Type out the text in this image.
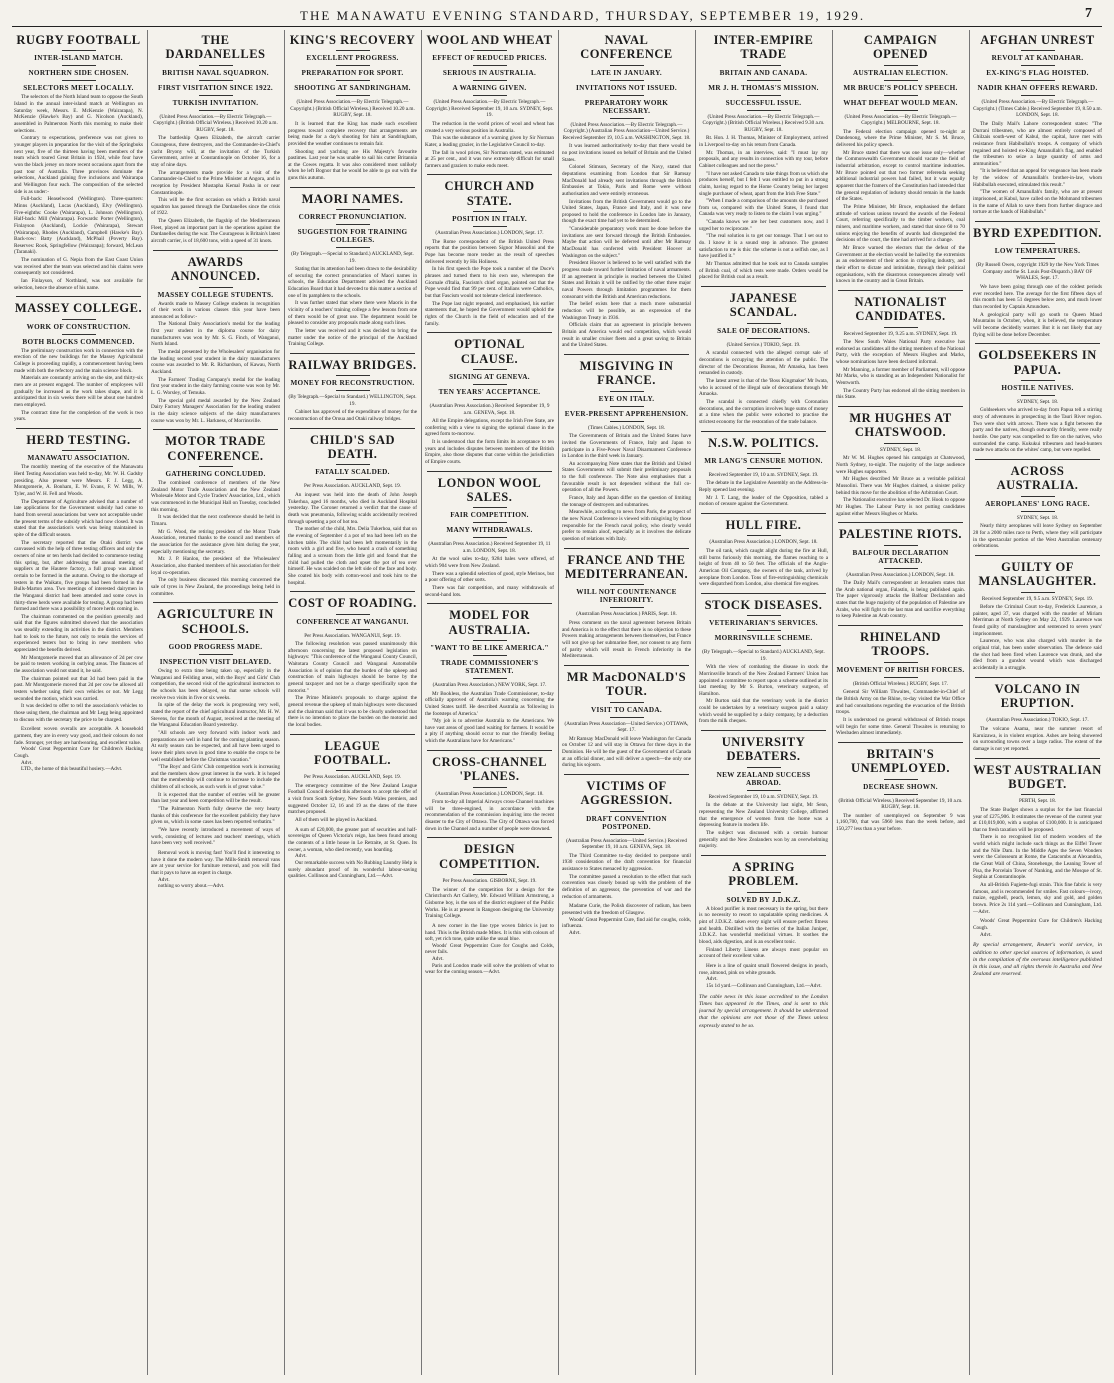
THE MANAWATU EVENING STANDARD, THURSDAY, SEPTEMBER 19, 1929.	7
RUGBY FOOTBALL
INTER-ISLAND MATCH.
NORTHERN SIDE CHOSEN.
SELECTORS MEET LOCALLY.

The selectors of the North Island team to oppose the South Island in the annual inter-island match at Wellington on Saturday week, Messrs. E. McKenzie (Wairarapa), N. McKenzie (Hawke's Bay) and G. Nicolson (Auckland), assembled in Palmerston North this morning to make their selections.

Contrary to expectations, preference was not given to younger players in preparation for the visit of the Springboks next year, five of the thirteen having been members of the team which toured Great Britain in 1924, while four have won the black jersey on more recent occasions apart from the past tour of Australia. Three provinces dominate the selections, Auckland gaining five inclusions and Wairarapa and Wellington four each. The composition of the selected side is as under:-

Full-back: Heaselwood (Wellington). Three-quarters: Minns (Auckland), Lucas (Auckland), Elvy (Wellington). Five-eighths: Cooke (Wairarapa), L. Johnson (Wellington). Half-back: Mill (Wairarapa). Forwards: Porter (Wellington), Finlayson (Auckland), Lockie (Wairarapa), Stewart (Wairarapa), Rhodes (Auckland), Campbell (Hawke's Bay). Back-row: Batty (Auckland), McPhail (Poverty Bay). Reserves: Rook, Springfellow (Wairarapa); forward, McLean (Taranaki).

The nomination of G. Nepia from the East Coast Union was received after the team was selected and his claims were consequently not considered.

Ian Finlayson, of Northland, was not available for selection, hence the absence of his name.

MASSEY COLLEGE.
WORK OF CONSTRUCTION.
BOTH BLOCKS COMMENCED.

The preliminary construction work in connection with the erection of the new buildings for the Massey Agricultural College is proceeding rapidly, a commencement having been made with both the refectory and the main science block.

Materials are constantly arriving on the site, and thirty-six men are at present engaged. The number of employees will gradually be increased as the work takes shape, and it is anticipated that in six weeks there will be about one hundred men employed.

The contract time for the completion of the work is two years.

HERD TESTING.
MANAWATU ASSOCIATION.

The monthly meeting of the executive of the Manawatu Herd Testing Association was held to-day, Mr. W. H. Gadsby presiding. Also present were Messrs. F. J. Legg, A. Montgomerie, A. Bonham, E. W. Evans, F. W. Mills, W. Tyler, and W. H. Fell and Woods.

The Department of Agriculture advised that a number of late applications for the Government subsidy had come to hand from several associations but were not acceptable under the present terms of the subsidy which had now closed. It was stated that the association's work was being maintained in spite of the difficult season.

The secretary reported that the Otaki district was canvassed with the help of three testing officers and only the owners of nine or ten herds had decided to commence testing this spring, but, after addressing the annual meeting of suppliers at the Hautere factory, a full group was almost certain to be formed in the autumn. Owing to the shortage of testers in the Waikato, five groups had been formed in the Bulls-Marton area. Two meetings of interested dairymen in the Wanganui district had been attended and some cows in thirty-three herds were available for testing. A group had been formed and there was a possibility of more herds coming in.

The chairman commented on the position generally and said that the figures submitted showed that the association was steadily extending its activities in the district. Members had to look to the future, not only to retain the services of experienced testers but to bring in new members who appreciated the benefits derived.

Mr Montgomerie moved that an allowance of 2d per cow be paid to testers working in outlying areas. The finances of the association would not stand it, he said.

The chairman pointed out that 3d had been paid in the past. Mr Montgomerie moved that 2d per cow be allowed all testers whether using their own vehicles or not. Mr Legg seconded the motion, which was carried.

It was decided to offer to tell the association's vehicles to those using them, the chairman and Mr Legg being appointed to discuss with the secretary the price to be charged.

Excellent woven overalls are acceptable. A household garment, they are in every way good, and their colours do not fade. Stronger, yet they are hardwearing, and excellent value.
Woods' Great Peppermint Cure for Children's Hacking Cough.
Advt.
LTD., the home of this beautiful hosiery.—Advt.
THE DARDANELLES
BRITISH NAVAL SQUADRON.
FIRST VISITATION SINCE 1922.
TURKISH INVITATION.
(United Press Association.—By Electric Telegraph.—Copyright.) (British Official Wireless.) Received 10.20 a.m. RUGBY, Sept. 18.

The battleship Queen Elizabeth, the aircraft carrier Courageous, three destroyers, and the Commander-in-Chief's yacht Bryony will, at the invitation of the Turkish Government, arrive at Constantinople on October 16, for a stay of nine days.

The arrangements made provide for a visit of the Commander-in-Chief to the Prime Minister at Angora, and in reception by President Mustapha Kemal Pasha in or near Constantinople.

This will be the first occasion on which a British naval squadron has passed through the Dardanelles since the crisis of 1922.

The Queen Elizabeth, the flagship of the Mediterranean Fleet, played an important part in the operations against the Dardanelles during the war. The Courageous is Britain's latest aircraft carrier, is of 18,600 tons, with a speed of 31 knots.

AWARDS ANNOUNCED.
MASSEY COLLEGE STUDENTS.

Awards made to Massey College students in recognition of their work in various classes this year have been announced as follow:-

The National Dairy Association's medal for the leading first year student in the diploma course for dairy manufacturers was won by Mr. S. G. Finch, of Wanganui, North Island.

The medal presented by the Wholesalers' organisation for the leading second year student in the dairy manufacturers course was awarded to Mr. R. Richardson, of Kawau, North Auckland.

The Farmers' Trading Company's medal for the leading first year student in the dairy farming course was won by Mr. L. G. Worsley, of Temuka.

The special gold medal awarded by the New Zealand Dairy Factory Managers' Association for the leading student in the dairy science subjects of the dairy manufacturers course was won by Mr. L. Harkness, of Morrinsville.

MOTOR TRADE CONFERENCE.
GATHERING CONCLUDED.

The combined conference of members of the New Zealand Motor Trade Association and the New Zealand Wholesale Motor and Cycle Traders' Association, Ltd., which was commenced in the Municipal Hall on Tuesday, concluded this morning.

It was decided that the next conference should be held in Timaru.

Mr G. Wood, the retiring president of the Motor Trade Association, returned thanks to the council and members of the association for the assistance given him during the year, especially mentioning the secretary.

Mr. J. P. Hanlon, the president of the Wholesalers' Association, also thanked members of his association for their loyal co-operation.

The only business discussed this morning concerned the sale of tyres in New Zealand, the proceedings being held in committee.

AGRICULTURE IN SCHOOLS.
GOOD PROGRESS MADE.
INSPECTION VISIT DELAYED.

Owing to extra time being taken up, especially in the Wanganui and Feilding areas, with the Boys' and Girls' Club competition, the second visit of the agricultural instructors to the schools has been delayed, so that some schools will receive two visits in five or six weeks.

In spite of the delay the work is progressing very well, stated the report of the chief agricultural instructor, Mr. H. W. Stevens, for the month of August, received at the meeting of the Wanganui Education Board yesterday.

"All schools are very forward with indoor work and preparations are well in hand for the coming planting season. At early season can be expected, and all have been urged to leave their plots sown in good time to enable the crops to be well established before the Christmas vacation."

"The Boys' and Girls' Club competition work is increasing and the members show great interest in the work. It is hoped that the membership will continue to increase to include the children of all schools, as such work is of great value."

It is expected that the number of entries will be greater than last year and keen competition will be the result.

"The Palmerston North fully deserve the very hearty thanks of this conference for the excellent publicity they have given us, which in some cases has been reported verbatim."

"We have recently introduced a movement of ways of work, consisting of lectures and teachers' meetings, which have been very well received."

Removal work is moving fast! You'll find it interesting to have it done the modern way. The Mills-Smith removal vans are at your service for furniture removal, and you will find that it pays to have an expert in charge.
Advt.
nothing so worry about.—Advt.
KING'S RECOVERY
EXCELLENT PROGRESS.
PREPARATION FOR SPORT.
SHOOTING AT SANDRINGHAM.
(United Press Association.—By Electric Telegraph.—Copyright.) (British Official Wireless.) Received 10.20 a.m. RUGBY, Sept. 18.

It is learned that the King has made such excellent progress toward complete recovery that arrangements are being made for a day's shooting for him at Sandringham, provided the weather continues to remain fair.

Shooting and yachting are His Majesty's favourite pastimes. Last year he was unable to sail his cutter Britannia at the Cowes regatta. It was also considered most unlikely when he left Bognor that he would be able to go out with the guns this autumn.

MAORI NAMES.
CORRECT PRONUNCIATION.
SUGGESTION FOR TRAINING COLLEGES.
(By Telegraph.—Special to Standard.) AUCKLAND, Sept. 19.

Stating that its attention had been drawn to the desirability of securing the correct pronunciation of Maori names in schools, the Education Department advised the Auckland Education Board that it had devoted to this matter a section of one of its pamphlets to the schools.

It was further stated that where there were Maoris in the vicinity of a teachers' training college a few lessons from one of them would be of great use. The department would be pleased to consider any proposals made along such lines.

The letter was received and it was decided to bring the matter under the notice of the principal of the Auckland Training College.

RAILWAY BRIDGES.
MONEY FOR RECONSTRUCTION.
(By Telegraph.—Special to Standard.) WELLINGTON, Sept. 19.

Cabinet has approved of the expenditure of money for the reconstruction of the Oroua and Otaki railway bridges.

CHILD'S SAD DEATH.
FATALLY SCALDED.
Per Press Association. AUCKLAND, Sept. 19.

An inquest was held into the death of John Joseph Tukerhoa, aged 16 months, who died in Auckland Hospital yesterday. The Coroner returned a verdict that the cause of death was pneumonia, following scalds accidentally received through upsetting a pot of hot tea.

The mother of the child, Mrs. Delia Tukerhoa, said that on the evening of September 4 a pot of tea had been left on the kitchen table. The child had been left momentarily in the room with a girl and five, who heard a crash of something falling and a scream from the little girl and found that the child had pulled the cloth and upset the pot of tea over himself. He was scalded on the left side of the face and body. She coated his body with cotton-wool and took him to the hospital.

COST OF ROADING.
CONFERENCE AT WANGANUI.
Per Press Association. WANGANUI, Sept. 19.

The following resolution was passed unanimously this afternoon concerning the latest proposed legislation on highways: "This conference of the Wanganui County Council, Waitotara County Council and Wanganui Automobile Association is of opinion that the burden of the upkeep and construction of main highways should be borne by the general taxpayer and not be a charge specifically upon the motorist."

The Prime Minister's proposals to charge against the general revenue the upkeep of main highways were discussed and the chairman said that it was to be clearly understood that there is no intention to place the burden on the motorist and the local bodies.

LEAGUE FOOTBALL.
Per Press Association. AUCKLAND, Sept. 19.

The emergency committee of the New Zealand League Football Council decided this afternoon to accept the offer of a visit from South Sydney, New South Wales premiers, and suggested October 12, 16 and 19 as the dates of the three matches proposed.

All of them will be played in Auckland.

A sum of £20,000, the greater part of securities and half-sovereigns of Queen Victoria's reign, has been found among the contents of a little house in Le Retraite, at St. Quen. Its owner, a woman, who died recently, was hoarding.
Advt.
Our remarkable success with No Rubbing Laundry Help is surely abundant proof of its wonderful labour-saving qualities. Collinson and Cunningham, Ltd.—Advt.
WOOL AND WHEAT
EFFECT OF REDUCED PRICES.
SERIOUS IN AUSTRALIA.
A WARNING GIVEN.
(United Press Association.—By Electric Telegraph.—Copyright.) Received September 19, 10 a.m. SYDNEY, Sept. 19.

The reduction in the world prices of wool and wheat has created a very serious position in Australia.

This was the substance of a warning given by Sir Norman Kater, a leading grazier, in the Legislative Council to-day.

The fall in wool prices, Sir Norman stated, was estimated at 25 per cent., and it was now extremely difficult for small farmers and graziers to make ends meet.

CHURCH AND STATE.
POSITION IN ITALY.
(Australian Press Association.) LONDON, Sept. 17.

The Rome correspondent of the British United Press reports that the position between Signor Mussolini and the Pope has become more tender as the result of speeches delivered recently by His Holiness.

In his first speech the Pope took a number of the Duce's phrases and turned them to his own use, whereupon the Giornale d'Italia, Fascism's chief organ, pointed out that the Pope would find that 99 per cent. of Italians were Catholics, but that Fascism would not tolerate clerical interference.

The Pope last night repeated, and emphasised, his earlier statements that, he hoped the Government would uphold the rights of the Church in the field of education and of the family.

OPTIONAL CLAUSE.
SIGNING AT GENEVA.
TEN YEARS' ACCEPTANCE.
(Australian Press Association.) Received September 19, 9 a.m. GENEVA, Sept. 18.

All the Empire delegations, except the Irish Free State, are conferring with a view to signing the optional clause in the agreed form to-morrow.

It is understood that the form limits its acceptance to ten years and includes disputes between members of the British Empire, also those disputes that come within the jurisdiction of Empire courts.

LONDON WOOL SALES.
FAIR COMPETITION.
MANY WITHDRAWALS.
(Australian Press Association.) Received September 19, 11 a.m. LONDON, Sept. 18.

At the wool sales to-day, 9284 bales were offered, of which 904 were from New Zealand.

There was a splendid selection of good, style Merinos, but a poor offering of other sorts.

There was fair competition, and many withdrawals of second-hand lots.

MODEL FOR AUSTRALIA.
"WANT TO BE LIKE AMERICA."
TRADE COMMISSIONER'S STATEMENT.
(Australian Press Association.) NEW YORK, Sept. 17.

Mr Bookless, the Australian Trade Commissioner, to-day officially approved of Australia's warning concerning the United States tariff. He described Australia as 'following in the footsteps of America.'

"My job is to advertise Australia to the Americans. We have vast areas of good land waiting for farmers. It would be a pity if anything should occur to mar the friendly feeling which the Australians have for Americans."

CROSS-CHANNEL 'PLANES.
(Australian Press Association.) LONDON, Sept. 18.

From to-day all Imperial Airways cross-Channel machines will be three-engined, in accordance with the recommendation of the commission inquiring into the recent disaster to the City of Ottawa. The City of Ottawa was forced down in the Channel and a number of people were drowned.

DESIGN COMPETITION.
Per Press Association. GISBORNE, Sept. 19.

The winner of the competition for a design for the Christchurch Art Gallery, Mr. Edward William Armstrong, a Gisborne boy, is the son of the district engineer of the Public Works. He is at present in Rangoon designing the University Training College.

A new corner in the line type woven fabrics is just to hand. This is the British made Mitex. It is thin with colours of soft, yet rich tone, quite unlike the usual blue.
Woods' Great Peppermint Cure for Coughs and Colds, never fails.
Advt.
Paris and London made will solve the problem of what to wear for the coming season.—Advt.
NAVAL CONFERENCE
LATE IN JANUARY.
INVITATIONS NOT ISSUED.
PREPARATORY WORK NECESSARY.
(United Press Association.—By Electric Telegraph.—Copyright.) (Australian Press Association—United Service.) Received September 19, 10.5 a.m. WASHINGTON, Sept. 18.

It was learned authoritatively to-day that there would be no post invitations issued on behalf of Britain and the United States.

Colonel Stimson, Secretary of the Navy, stated that deputations examining from London that Sir Ramsay MacDonald had already sent invitations through the British Embassies at Tokio, Paris and Rome were without authorisation and were entirely erroneous.

Invitations from the British Government would go to the United States, Japan, France and Italy, and it was now proposed to hold the conference in London late in January, though the exact time had yet to be determined.

"Considerable preparatory work must be done before the invitations are sent forward through the British Embassies. Maybe that action will be deferred until after Mr Ramsay MacDonald has conferred with President Hoover at Washington on the subject."

President Hoover is believed to be well satisfied with the progress made toward further limitation of naval armaments. If an agreement in principle is reached between the United States and Britain it will be ratified by the other three major naval Powers through limitation programmes for them consonant with the British and American reductions.

The belief exists here that a much more substantial reduction will be possible, as an expression of the Washington Treaty in 1936.

Officials claim that an agreement in principle between Britain and America would end competition, which would result in smaller cruiser fleets and a great saving to Britain and the United States.

MISGIVING IN FRANCE.
EYE ON ITALY.
EVER-PRESENT APPREHENSION.
(Times Cables.) LONDON, Sept. 18.

The Governments of Britain and the United States have invited the Governments of France, Italy and Japan to participate in a Five-Power Naval Disarmament Conference in London in the third week in January.

An accompanying Note states that the British and United States Governments will submit their preliminary proposals to the full conference. The Note also emphasises that a favourable result is not dependent without the full co-operation of all the Powers.

France, Italy and Japan differ on the question of limiting the tonnage of destroyers and submarines.

Meanwhile, according to news from Paris, the prospect of the new Naval Conference is viewed with misgiving by those responsible for the French naval policy, who clearly would prefer to remain aloof, especially as it involves the delicate question of relations with Italy.

FRANCE AND THE MEDITERRANEAN.
WILL NOT COUNTENANCE INFERIORITY.
(Australian Press Association.) PARIS, Sept. 18.

Press comment on the naval agreement between Britain and America is to the effect that there is no objection to these Powers making arrangements between themselves, but France will not give up her submarine fleet, nor consent to any form of parity which will result in French inferiority in the Mediterranean.

MR MacDONALD'S TOUR.
VISIT TO CANADA.
(Australian Press Association—United Service.) OTTAWA, Sept. 17.

Mr Ramsay MacDonald will leave Washington for Canada on October 12 and will stay in Ottawa for three days in the Dominion. He will be the guest of the Government of Canada at an official dinner, and will deliver a speech—the only one during his sojourn.

VICTIMS OF AGGRESSION.
DRAFT CONVENTION POSTPONED.
(Australian Press Association—United Service.) Received September 19, 10 a.m. GENEVA, Sept. 18.

The Third Committee to-day decided to postpone until 1930 consideration of the draft convention for financial assistance to States menaced by aggression.

The committee passed a resolution to the effect that such convention was closely bound up with the problem of the definition of an aggressor, the prevention of war and the reduction of armaments.

Madame Curie, the Polish discoverer of radium, has been presented with the freedom of Glasgow.
Woods' Great Peppermint Cure, find aid for coughs, colds, influenza.
Advt.
INTER-EMPIRE TRADE
BRITAIN AND CANADA.
MR J. H. THOMAS'S MISSION.
SUCCESSFUL ISSUE.
(United Press Association.—By Electric Telegraph.—Copyright.) (British Official Wireless.) Received 9.30 a.m. RUGBY, Sept. 18.

Rt. Hon. J. H. Thomas, Minister of Employment, arrived in Liverpool to-day on his return from Canada.

Mr. Thomas, in an interview, said: "I must lay my proposals, and any results in connection with my tour, before Cabinet colleagues and not the press."

"I have not asked Canada to take things from us which she produces herself, but I felt I was entitled to put in a strong claim, having regard to the Home Country being her largest single purchaser of wheat, apart from the Irish Free State."

"When I made a comparison of the amounts she purchased from us, compared with the United States, I found that Canada was very ready to listen to the claim I was urging."

"Canada knows we are her best customers now, and I urged her to reciprocate."

"The real solution is to get our tonnage. That I set out to do. I know it is a sound step in advance. The greatest satisfaction to me is this: the scheme is not a selfish one, as I have justified it."

Mr Thomas admitted that he took out to Canada samples of British coal, of which tests were made. Orders would be placed for British coal as a result.

JAPANESE SCANDAL.
SALE OF DECORATIONS.
(United Service.) TOKIO, Sept. 19.

A scandal connected with the alleged corrupt sale of decorations is occupying the attention of the public. The director of the Decorations Bureau, Mr Amaoka, has been remanded in custody.

The latest arrest is that of the 'Boss Kingmaker' Mr Iwata, who is accused of the illegal sale of decorations through Mr Amaoka.

The scandal is connected chiefly with Coronation decorations, and the corruption involves huge sums of money at a time when the public were exhorted to practise the strictest economy for the restoration of the trade balance.

N.S.W. POLITICS.
MR LANG'S CENSURE MOTION.
Received September 19, 10 a.m. SYDNEY, Sept. 19.

The debate in the Legislative Assembly on the Address-in-Reply opened last evening.

Mr J. T. Lang, the leader of the Opposition, tabled a motion of censure against the Government.

HULL FIRE.
(Australian Press Association.) LONDON, Sept. 18.

The oil tank, which caught alight during the fire at Hull, still burns furiously this morning, the flames reaching to a height of from 40 to 50 feet. The officials of the Anglo-American Oil Company, the owners of the tank, arrived by aeroplane from London. Tons of fire-extinguishing chemicals were dispatched from London, also chemical fire engines.

STOCK DISEASES.
VETERINARIAN'S SERVICES.
MORRINSVILLE SCHEME.
(By Telegraph.—Special to Standard.) AUCKLAND, Sept. 19.

With the view of combating the disease in stock the Morrinsville branch of the New Zealand Farmers' Union has appointed a committee to report upon a scheme outlined at its last meeting by Mr S. Burton, veterinary surgeon, of Hamilton.

Mr Burton said that the veterinary work in the district could be undertaken by a veterinary surgeon paid a salary which would be supplied by a dairy company, by a deduction from the milk cheques.

UNIVERSITY DEBATERS.
NEW ZEALAND SUCCESS ABROAD.
Received September 19, 10 a.m. SYDNEY, Sept. 19.

In the debate at the University last night, Mr Senn, representing the New Zealand University College, affirmed that the emergence of women from the home was a depressing feature in modern life.

The subject was discussed with a certain humour generally and the New Zealanders won by an overwhelming majority.

A SPRING PROBLEM.
SOLVED BY J.D.K.Z.

A blood purifier is most necessary in the spring, but there is no necessity to resort to unpalatable spring medicines. A pint of J.D.K.Z. taken every night will ensure perfect fitness and health. Distilled with the berries of the Italian Juniper, J.D.K.Z. has wonderful medicinal virtues. It soothes the blood, aids digestion, and is an excellent tonic.

Finland Liberty Linens are always most popular on account of their excellent value.

Here is a line of quaint small flowered designs in peach, rose, almond, pink on white grounds.
Advt.
15s 1d yard.—Collinson and Cunningham, Ltd.—Advt.
The cable news in this issue accredited to the London Times has appeared in the Times, and is sent to this journal by special arrangement. It should be understood that the opinions are not those of the Times unless expressly stated to be so.
CAMPAIGN OPENED
AUSTRALIAN ELECTION.
MR BRUCE'S POLICY SPEECH.
WHAT DEFEAT WOULD MEAN.
(United Press Association.—By Electric Telegraph.—Copyright.) MELBOURNE, Sept. 18.

The Federal election campaign opened to-night at Dandenong, where the Prime Minister, Mr S. M. Bruce, delivered his policy speech.

Mr Bruce stated that there was one issue only—whether the Commonwealth Government should vacate the field of industrial arbitration, except to control maritime industries. Mr Bruce pointed out that two former referenda seeking additional industrial powers had failed, but it was equally apparent that the framers of the Constitution had intended that the general regulation of industry should remain in the hands of the States.

The Prime Minister, Mr Bruce, emphasised the defiant attitude of various unions toward the awards of the Federal Court, referring specifically to the timber workers, coal miners, and maritime workers, and stated that since 60 to 70 unions enjoying the benefits of awards had disregarded the decisions of the court, the time had arrived for a change.

Mr Bruce warned the electors that the defeat of the Government at the election would be hailed by the extremists as an endorsement of their action in crippling industry, and their effort to dictate and intimidate, through their political organisations, with the disastrous consequences already well known in the country and in Great Britain.

NATIONALIST CANDIDATES.
Received September 19, 9.25 a.m. SYDNEY, Sept. 19.

The New South Wales National Party executive has endorsed as candidates all the sitting members of the National Party, with the exception of Messrs Hughes and Marks, whose nominations have been declared informal.

Mr Manning, a former member of Parliament, will oppose Mr Marks, who is standing as an Independent Nationalist for Wentworth.

The Country Party has endorsed all the sitting members in this State.

MR HUGHES AT CHATSWOOD.
SYDNEY, Sept. 18.

Mr W. M. Hughes opened his campaign at Chatswood, North Sydney, to-night. The majority of the large audience were Hughes supporters.

Mr Hughes described Mr Bruce as a veritable political Mussolini. There was Mr Hughes claimed, a sinister policy behind this move for the abolition of the Arbitration Court.

The Nationalist executive has selected Dr. Hook to oppose Mr Hughes. The Labour Party is not putting candidates against either Messrs Hughes or Marks.

PALESTINE RIOTS.
BALFOUR DECLARATION ATTACKED.
(Australian Press Association.) LONDON, Sept. 18.

The Daily Mail's correspondent at Jerusalem states that the Arab national organ, Falastin, is being published again. The paper vigorously attacks the Balfour Declaration and states that the huge majority of the population of Palestine are Arabs, who will fight to the last man and sacrifice everything to keep Palestine an Arab country.

RHINELAND TROOPS.
MOVEMENT OF BRITISH FORCES.
(British Official Wireless.) RUGBY, Sept. 17.

General Sir William Thwaites, Commander-in-Chief of the British Army on the Rhine, to-day visited the War Office and had consultations regarding the evacuation of the British troops.

It is understood no general withdrawal of British troops will begin for some time. General Thwaites is returning to Wiesbaden almost immediately.

BRITAIN'S UNEMPLOYED.
DECREASE SHOWN.
(British Official Wireless.) Received September 19, 10 a.m. RUGBY, Sept. 18.

The number of unemployed on September 9 was 1,160,700, that was 5960 less than the week before, and 150,277 less than a year before.

AFGHAN UNREST
REVOLT AT KANDAHAR.
EX-KING'S FLAG HOISTED.
NADIR KHAN OFFERS REWARD.
(United Press Association.—By Electric Telegraph.—Copyright.) (Times Cable.) Received September 19, 8.50 a.m. LONDON, Sept. 18.

The Daily Mail's Lahore correspondent states: "The Durrani tribesmen, who are almost entirely composed of Ghilzais south-west of Kabul, the capital, have met with resistance from Habibullah's troops. A company of which regained and hoisted ex-King Amanullah's flag, and enabled the tribesmen to seize a large quantity of arms and ammunition."

"It is believed that an appeal for vengeance has been made by the widow of Amanullah's brother-in-law, whom Habibullah executed, stimulated this result."

"The women of Amanullah's family, who are at present imprisoned, at Kabul, have called on the Mohmand tribesmen in the name of Allah to save them from further disgrace and torture at the hands of Habibullah."

BYRD EXPEDITION.
LOW TEMPERATURES.
(By Russell Owen, copyright 1929 by the New York Times Company and the St. Louis Post-Dispatch.) BAY OF WHALES, Sept. 17.

We have been going through one of the coldest periods ever recorded here. The average for the first fifteen days of this month has been 51 degrees below zero, and much lower than recorded by Captain Amundsen.

A geological party will go south to Queen Maud Mountains in October, when, it is believed, the temperature will become decidedly warmer. But it is not likely that any flying will be done before December.

GOLDSEEKERS IN PAPUA.
HOSTILE NATIVES.
SYDNEY, Sept. 18.

Goldseekers who arrived to-day from Papua tell a stirring story of adventures in prospecting in the Tauri River region. Two were shot with arrows. There was a fight between the party and the natives, though outwardly friendly, were really hostile. One party was compelled to fire on the natives, who surrounded the camp. Kukukui tribesmen and head-hunters made two attacks on the whites' camp, but were repelled.

ACROSS AUSTRALIA.
AEROPLANES' LONG RACE.
SYDNEY, Sept. 18.

Nearly thirty aeroplanes will leave Sydney on September 28 for a 2000 miles race to Perth, where they will participate in the spectacular portion of the West Australian centenary celebrations.

GUILTY OF MANSLAUGHTER.
Received September 19, 9.5 a.m. SYDNEY, Sept. 19.

Before the Criminal Court to-day, Frederick Laurence, a painter, aged 37, was charged with the murder of Miriam Merriman at North Sydney on May 22, 1929. Laurence was found guilty of manslaughter and sentenced to seven years' imprisonment.

Laurence, who was also charged with murder in the original trial, has been under observation. The defence said the shot had been fired when Laurence was drunk, and she died from a gunshot wound which was discharged accidentally in a struggle.

VOLCANO IN ERUPTION.
(Australian Press Association.) TOKIO, Sept. 17.

The volcano Asama, near the summer resort of Karuizawa, is in violent eruption. Ashes are being showered on surrounding towns over a large radius. The extent of the damage is not yet reported.

WEST AUSTRALIAN BUDGET.
PERTH, Sept. 18.

The State Budget shows a surplus for the last financial year of £275,906. It estimates the revenue of the current year at £10,019,000, with a surplus of £100,000. It is anticipated that no fresh taxation will be proposed.

There is no recognised list of modern wonders of the world which might include such things as the Eiffel Tower and the Nile Dam. In the Middle Ages the Seven Wonders were: the Colosseum at Rome, the Catacombs at Alexandria, the Great Wall of China, Stonehenge, the Leaning Tower of Pisa, the Porcelain Tower of Nanking, and the Mosque of St. Sophia at Constantinople.

An all-British Fugiette-fugi strain. This fine fabric is very famous, and is recommended for smiles. Fast colours—ivory, maize, eggshell, peach, lemon, sky and gold, and golden brown. Price 2s 11d yard.—Collinson and Cunningham, Ltd.—Advt.

Woods' Great Peppermint Cure for Children's Hacking Cough.
Advt.
By special arrangement, Reuter's world service, in addition to other special sources of information, is used in the compilation of the overseas intelligence published in this issue, and all rights therein in Australia and New Zealand are reserved.
